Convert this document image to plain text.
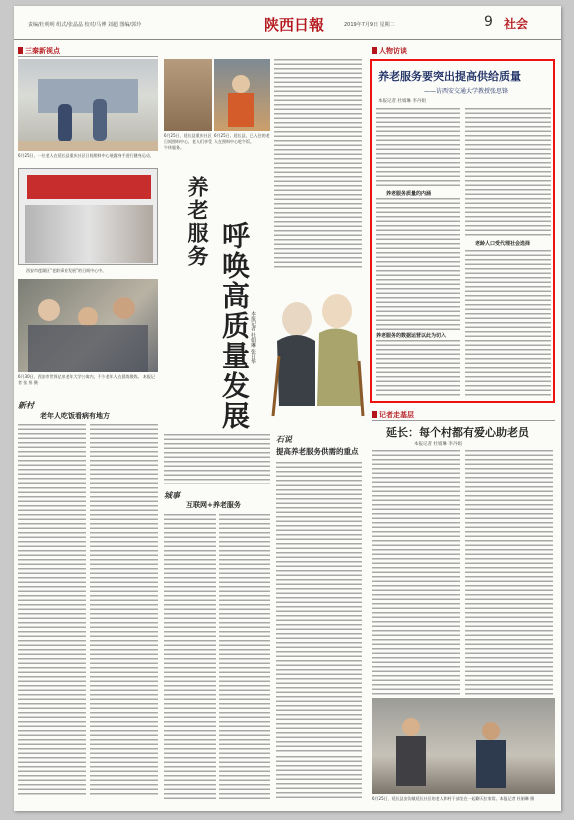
责编/杜明明 组式/张晶晶 校对/马博 刘超 图编/郭玲	陕西日報	2019年7月9日 星期二	9 社会
三秦新视点
6月25日，一位老人在延长县重庆社区日间照料中心展露身手进行健身运动。
西安市莲湖区“老龄事业发展”的日间中心中。
6月30日，西安市世界亿泉老年大学公寓内，不少老年人在晨练锻炼。 本报记者 张 彤 摄
新村
老年人吃饭看病有地方
6月25日，延长县重庆社区日间照料中心，老人们享受午休服务。
6月25日，延长县，已入住的老人在照料中心吃午饭。
养老服务 呼唤高质量发展 本报记者 杜娟琳 张日华
石说
提高养老服务供需的重点
城事
互联网+养老服务
人物访谈
养老服务要突出提高供给质量
——访西安交通大学教授张思锋
本报记者 杜娟琳 李丹娟
养老服务质量的内涵
养老服务的数据运营以此为切入
老龄人口受代理社会选择
记者走基层
延长：每个村都有爱心助老员
本报记者 杜娟琳 李丹娟
6月25日，延长县安沟镇延长社区的老人和村干部坐在一起聊天拉家常。本报记者 杜娟琳 摄
